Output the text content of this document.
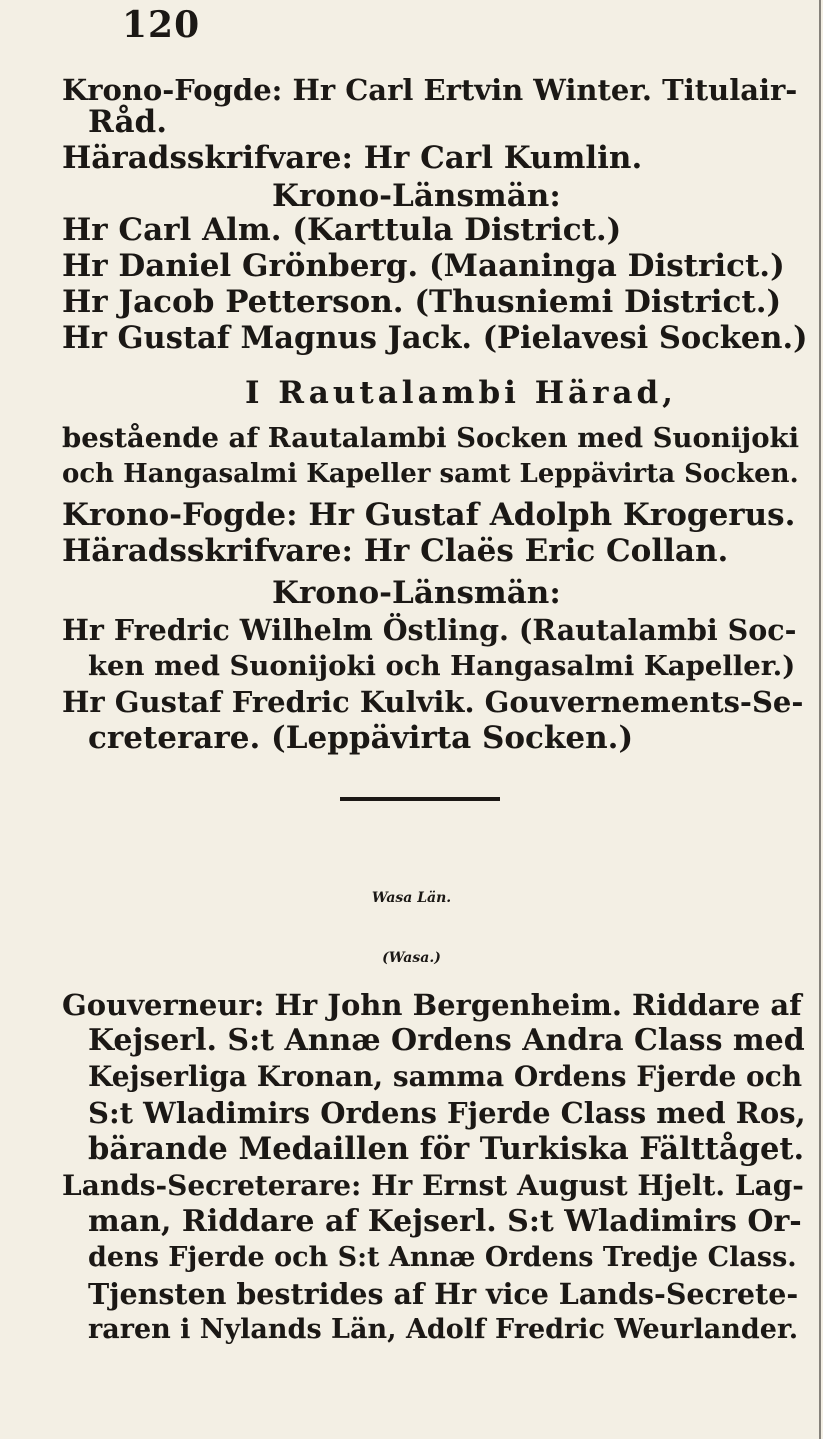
120
Krono-Fogde: Hr Carl Ertvin Winter. Titulair-
Råd.
Häradsskrifvare: Hr Carl Kumlin.
Krono-Länsmän:
Hr Carl Alm. (Karttula District.)
Hr Daniel Grönberg. (Maaninga District.)
Hr Jacob Petterson. (Thusniemi District.)
Hr Gustaf Magnus Jack. (Pielavesi Socken.)
I Rautalambi Härad,
bestående af Rautalambi Socken med Suonijoki
och Hangasalmi Kapeller samt Leppävirta Socken.
Krono-Fogde: Hr Gustaf Adolph Krogerus.
Häradsskrifvare: Hr Claës Eric Collan.
Krono-Länsmän:
Hr Fredric Wilhelm Östling. (Rautalambi Soc-
ken med Suonijoki och Hangasalmi Kapeller.)
Hr Gustaf Fredric Kulvik. Gouvernements-Se-
creterare. (Leppävirta Socken.)
Wasa Län.
(Wasa.)
Gouverneur: Hr John Bergenheim. Riddare af
Kejserl. S:t Annæ Ordens Andra Class med
Kejserliga Kronan, samma Ordens Fjerde och
S:t Wladimirs Ordens Fjerde Class med Ros,
bärande Medaillen för Turkiska Fälttåget.
Lands-Secreterare: Hr Ernst August Hjelt. Lag-
man, Riddare af Kejserl. S:t Wladimirs Or-
dens Fjerde och S:t Annæ Ordens Tredje Class.
Tjensten bestrides af Hr vice Lands-Secrete-
raren i Nylands Län, Adolf Fredric Weurlander.
